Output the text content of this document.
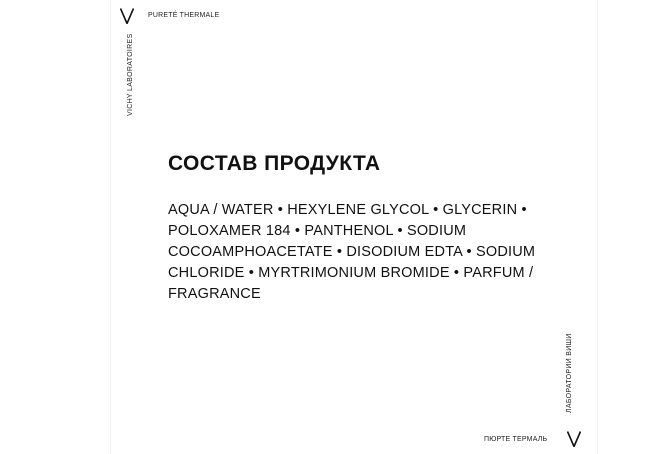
PURETÉ THERMALE
VICHY LABORATOIRES
СОСТАВ ПРОДУКТА

AQUA / WATER • HEXYLENE GLYCOL • GLYCERIN • POLOXAMER 184 • PANTHENOL • SODIUM COCOAMPHOACETATE • DISODIUM EDTA • SODIUM CHLORIDE • MYRTRIMONIUM BROMIDE • PARFUM / FRAGRANCE

ЛАБОРАТОРИИ ВИШИ
ПЮРТЕ ТЕРМАЛЬ
